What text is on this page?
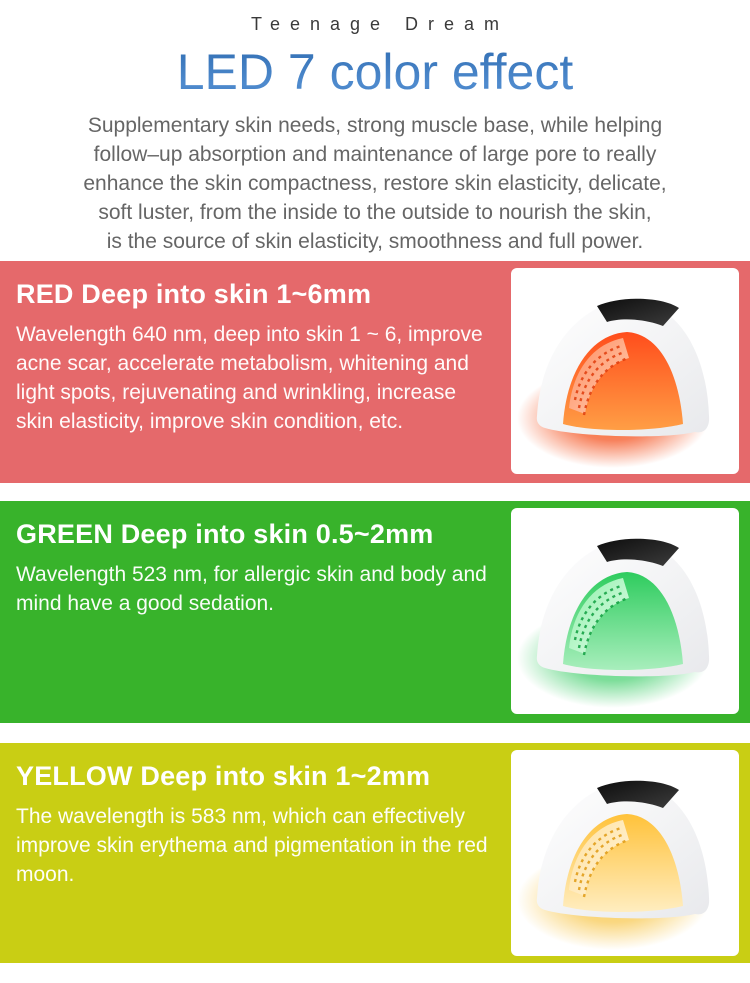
Teenage Dream
LED 7 color effect
Supplementary skin needs, strong muscle base, while helping
follow–up absorption and maintenance of large pore to really
enhance the skin compactness, restore skin elasticity, delicate,
soft luster, from the inside to the outside to nourish the skin,
is the source of skin elasticity, smoothness and full power.
RED Deep into skin 1~6mm

Wavelength 640 nm, deep into skin 1 ~ 6, improve acne scar, accelerate metabolism, whitening and light spots, rejuvenating and wrinkling, increase skin elasticity, improve skin condition, etc.

GREEN Deep into skin 0.5~2mm

Wavelength 523 nm, for allergic skin and body and mind have a good sedation.

YELLOW Deep into skin 1~2mm

The wavelength is 583 nm, which can effectively improve skin erythema and pigmentation in the red moon.
